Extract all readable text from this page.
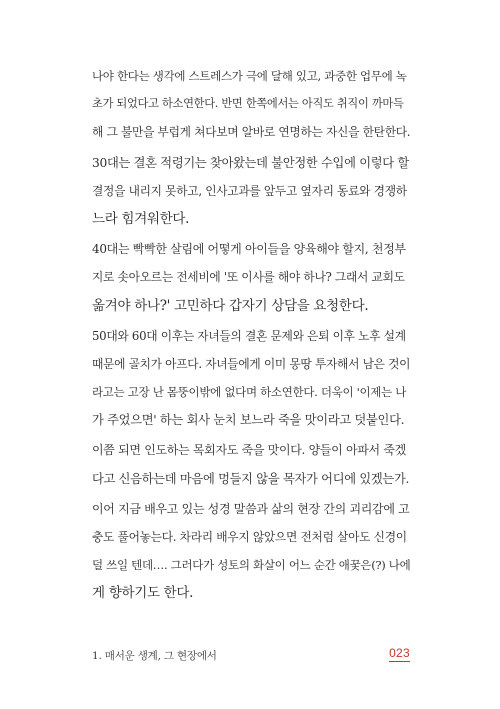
나야 한다는 생각에 스트레스가 극에 달해 있고, 과중한 업무에 녹
초가 되었다고 하소연한다. 반면 한쪽에서는 아직도 취직이 까마득
해 그 불만을 부럽게 쳐다보며 알바로 연명하는 자신을 한탄한다.
30대는 결혼 적령기는 찾아왔는데 불안정한 수입에 이렇다 할
결정을 내리지 못하고, 인사고과를 앞두고 옆자리 동료와 경쟁하
느라 힘겨워한다.
40대는 빡빡한 살림에 어떻게 아이들을 양육해야 할지, 천정부
지로 솟아오르는 전세비에 '또 이사를 해야 하나? 그래서 교회도
옮겨야 하나?' 고민하다 갑자기 상담을 요청한다.
50대와 60대 이후는 자녀들의 결혼 문제와 은퇴 이후 노후 설계
때문에 골치가 아프다. 자녀들에게 이미 몽땅 투자해서 남은 것이
라고는 고장 난 몸뚱이밖에 없다며 하소연한다. 더욱이 '이제는 나
가 주었으면' 하는 회사 눈치 보느라 죽을 맛이라고 덧붙인다.
이쯤 되면 인도하는 목회자도 죽을 맛이다. 양들이 아파서 죽겠
다고 신음하는데 마음에 멍들지 않을 목자가 어디에 있겠는가.
이어 지금 배우고 있는 성경 말씀과 삶의 현장 간의 괴리감에 고
충도 풀어놓는다. 차라리 배우지 않았으면 전처럼 살아도 신경이
덜 쓰일 텐데…. 그러다가 성토의 화살이 어느 순간 애꿎은(?) 나에
게 향하기도 한다.
1. 매서운 생계, 그 현장에서	023
